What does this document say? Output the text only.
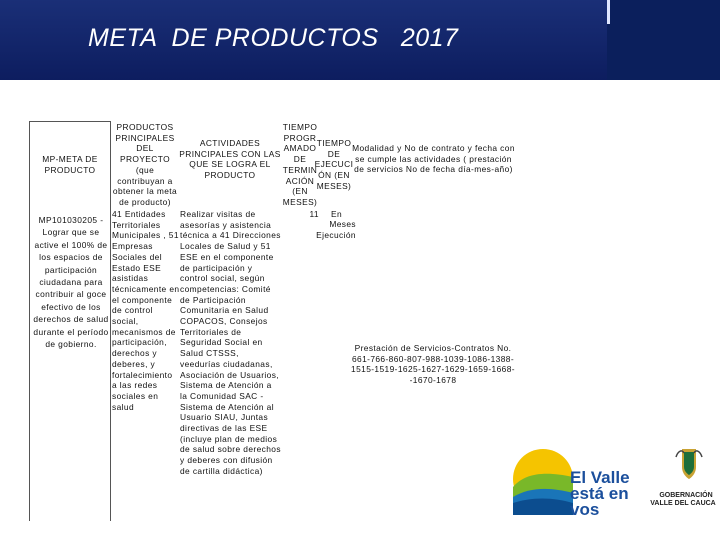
META  DE PRODUCTOS   2017
MP-META DE PRODUCTO
PRODUCTOS PRINCIPALES DEL PROYECTO (que contribuyan a obtener la meta de producto)
ACTIVIDADES PRINCIPALES CON LAS QUE SE LOGRA EL PRODUCTO
TIEMPO PROGR AMADO DE TERMIN ACIÓN (EN MESES)
TIEMPO DE EJECUCI ÓN (EN MESES)
Modalidad y No de contrato y fecha con se cumple las actividades ( prestación de servicios No de fecha día-mes-año)
MP101030205 - Lograr que se active el 100% de los espacios de participación ciudadana para contribuir al goce efectivo de los derechos de salud durante el período de gobierno.
41 Entidades Territoriales Municipales , 51 Empresas Sociales del Estado ESE asistidas técnicamente en el componente de control social, mecanismos de participación, derechos y deberes, y fortalecimiento a las redes sociales en salud
Realizar visitas de asesorías y asistencia técnica a 41 Direcciones Locales de Salud y 51 ESE en el componente de participación y control social, según competencias: Comité de Participación Comunitaria en Salud COPACOS, Consejos Territoriales de Seguridad Social en Salud CTSSS, veedurías ciudadanas, Asociación de Usuarios, Sistema de Atención a la Comunidad SAC - Sistema de Atención al Usuario SIAU, Juntas directivas de las ESE (incluye plan de medios de salud sobre derechos y deberes con difusión de cartilla didáctica)
11 En
Meses Ejecución
Prestación de Servicios-Contratos No. 661-766-860-807-988-1039-1086-1388-1515-1519-1625-1627-1629-1659-1668--1670-1678
El Valle
está en
vos
GOBERNACIÓN
VALLE DEL CAUCA
